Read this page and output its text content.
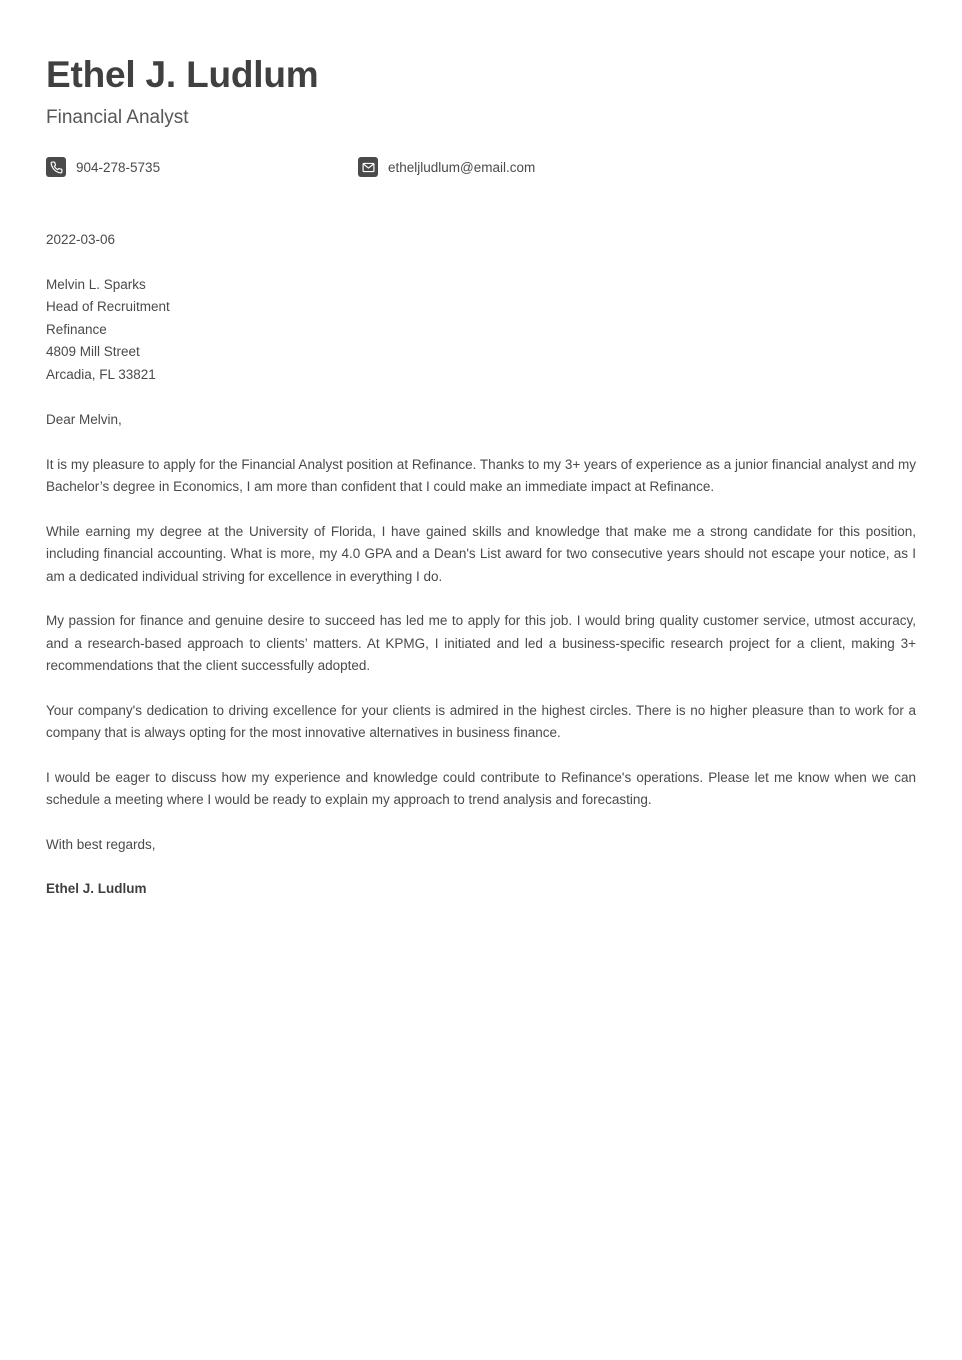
Ethel J. Ludlum
Financial Analyst
904-278-5735	etheljludlum@email.com
2022-03-06
Melvin L. Sparks
Head of Recruitment
Refinance
4809 Mill Street
Arcadia, FL 33821
Dear Melvin,

It is my pleasure to apply for the Financial Analyst position at Refinance. Thanks to my 3+ years of experience as a junior financial analyst and my Bachelor’s degree in Economics, I am more than confident that I could make an immediate impact at Refinance.

While earning my degree at the University of Florida, I have gained skills and knowledge that make me a strong candidate for this position, including financial accounting. What is more, my 4.0 GPA and a Dean's List award for two consecutive years should not escape your notice, as I am a dedicated individual striving for excellence in everything I do.

My passion for finance and genuine desire to succeed has led me to apply for this job. I would bring quality customer service, utmost accuracy, and a research-based approach to clients’ matters. At KPMG, I initiated and led a business-specific research project for a client, making 3+ recommendations that the client successfully adopted.

Your company's dedication to driving excellence for your clients is admired in the highest circles. There is no higher pleasure than to work for a company that is always opting for the most innovative alternatives in business finance.

I would be eager to discuss how my experience and knowledge could contribute to Refinance's operations. Please let me know when we can schedule a meeting where I would be ready to explain my approach to trend analysis and forecasting.

With best regards,
Ethel J. Ludlum
